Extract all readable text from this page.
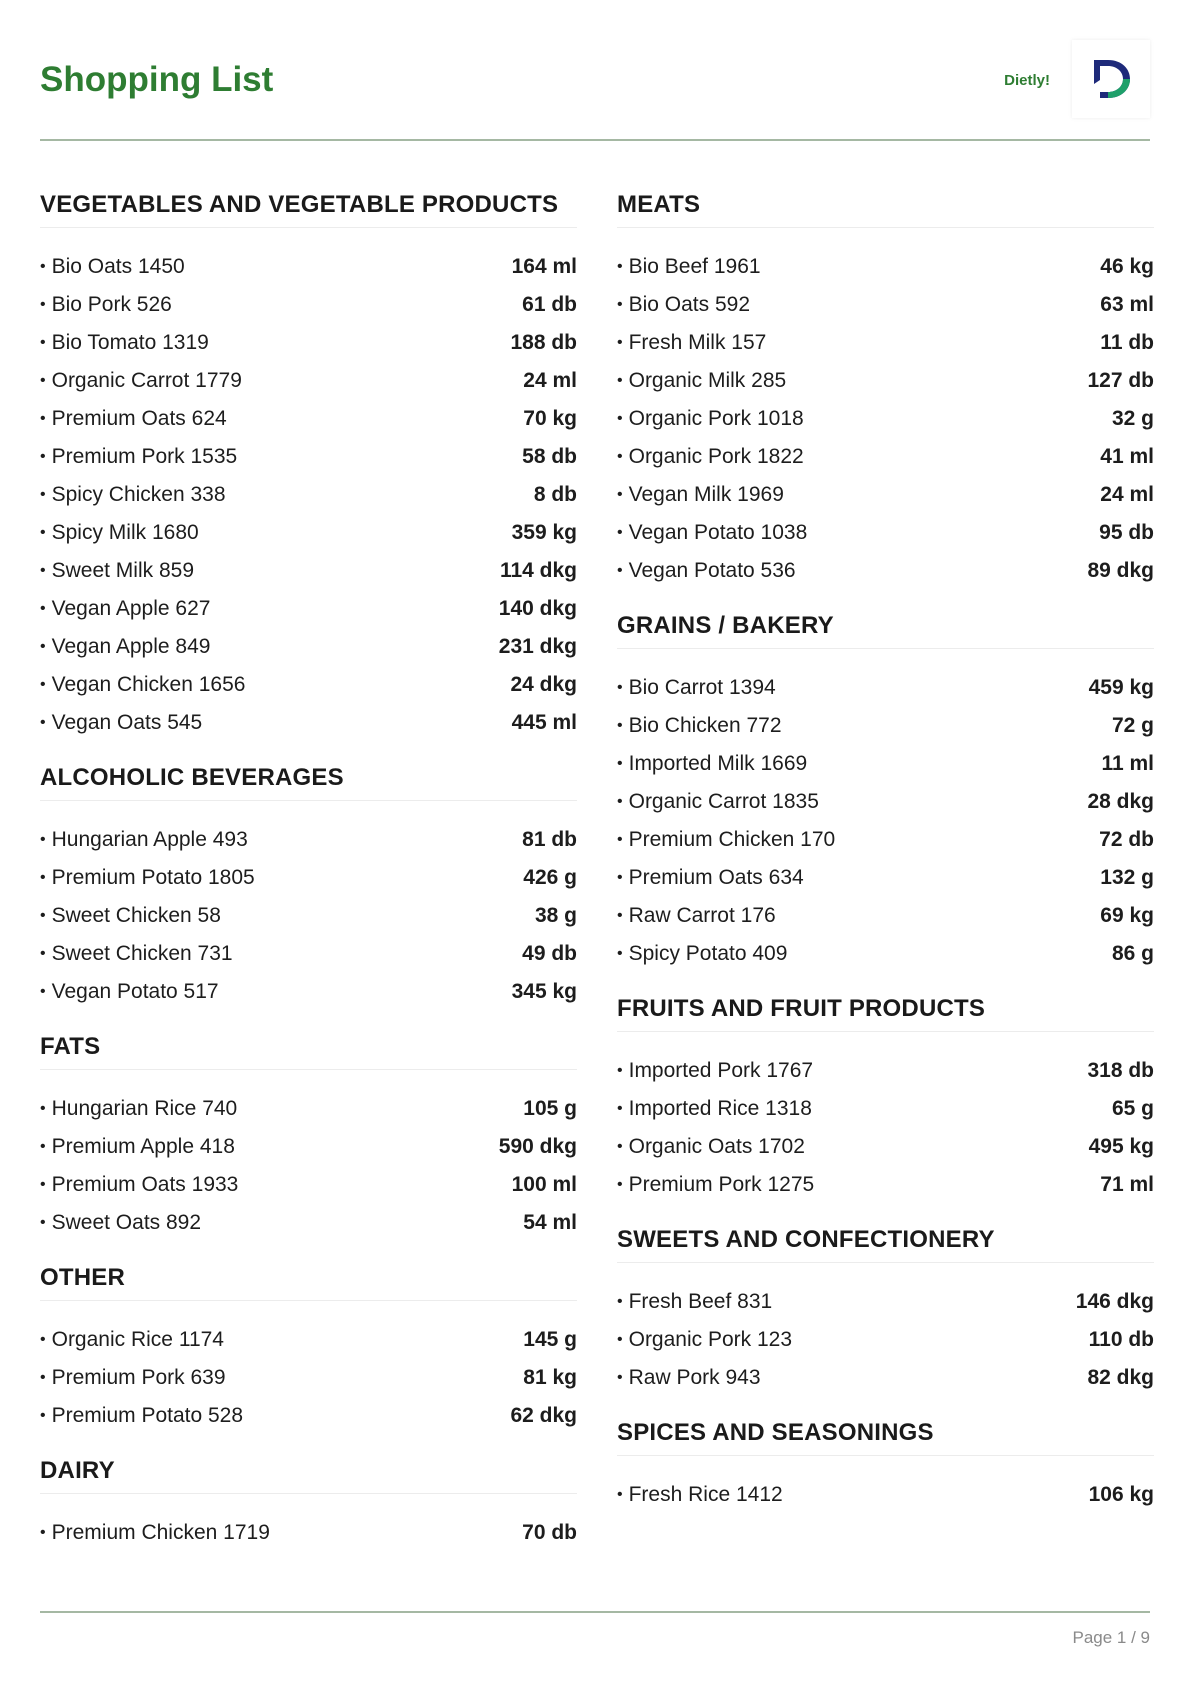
Shopping List	Dietly!
VEGETABLES AND VEGETABLE PRODUCTS
• Bio Oats 1450	164 ml
• Bio Pork 526	61 db
• Bio Tomato 1319	188 db
• Organic Carrot 1779	24 ml
• Premium Oats 624	70 kg
• Premium Pork 1535	58 db
• Spicy Chicken 338	8 db
• Spicy Milk 1680	359 kg
• Sweet Milk 859	114 dkg
• Vegan Apple 627	140 dkg
• Vegan Apple 849	231 dkg
• Vegan Chicken 1656	24 dkg
• Vegan Oats 545	445 ml
ALCOHOLIC BEVERAGES
• Hungarian Apple 493	81 db
• Premium Potato 1805	426 g
• Sweet Chicken 58	38 g
• Sweet Chicken 731	49 db
• Vegan Potato 517	345 kg
FATS
• Hungarian Rice 740	105 g
• Premium Apple 418	590 dkg
• Premium Oats 1933	100 ml
• Sweet Oats 892	54 ml
OTHER
• Organic Rice 1174	145 g
• Premium Pork 639	81 kg
• Premium Potato 528	62 dkg
DAIRY
• Premium Chicken 1719	70 db
MEATS
• Bio Beef 1961	46 kg
• Bio Oats 592	63 ml
• Fresh Milk 157	11 db
• Organic Milk 285	127 db
• Organic Pork 1018	32 g
• Organic Pork 1822	41 ml
• Vegan Milk 1969	24 ml
• Vegan Potato 1038	95 db
• Vegan Potato 536	89 dkg
GRAINS / BAKERY
• Bio Carrot 1394	459 kg
• Bio Chicken 772	72 g
• Imported Milk 1669	11 ml
• Organic Carrot 1835	28 dkg
• Premium Chicken 170	72 db
• Premium Oats 634	132 g
• Raw Carrot 176	69 kg
• Spicy Potato 409	86 g
FRUITS AND FRUIT PRODUCTS
• Imported Pork 1767	318 db
• Imported Rice 1318	65 g
• Organic Oats 1702	495 kg
• Premium Pork 1275	71 ml
SWEETS AND CONFECTIONERY
• Fresh Beef 831	146 dkg
• Organic Pork 123	110 db
• Raw Pork 943	82 dkg
SPICES AND SEASONINGS
• Fresh Rice 1412	106 kg
Page 1 / 9
